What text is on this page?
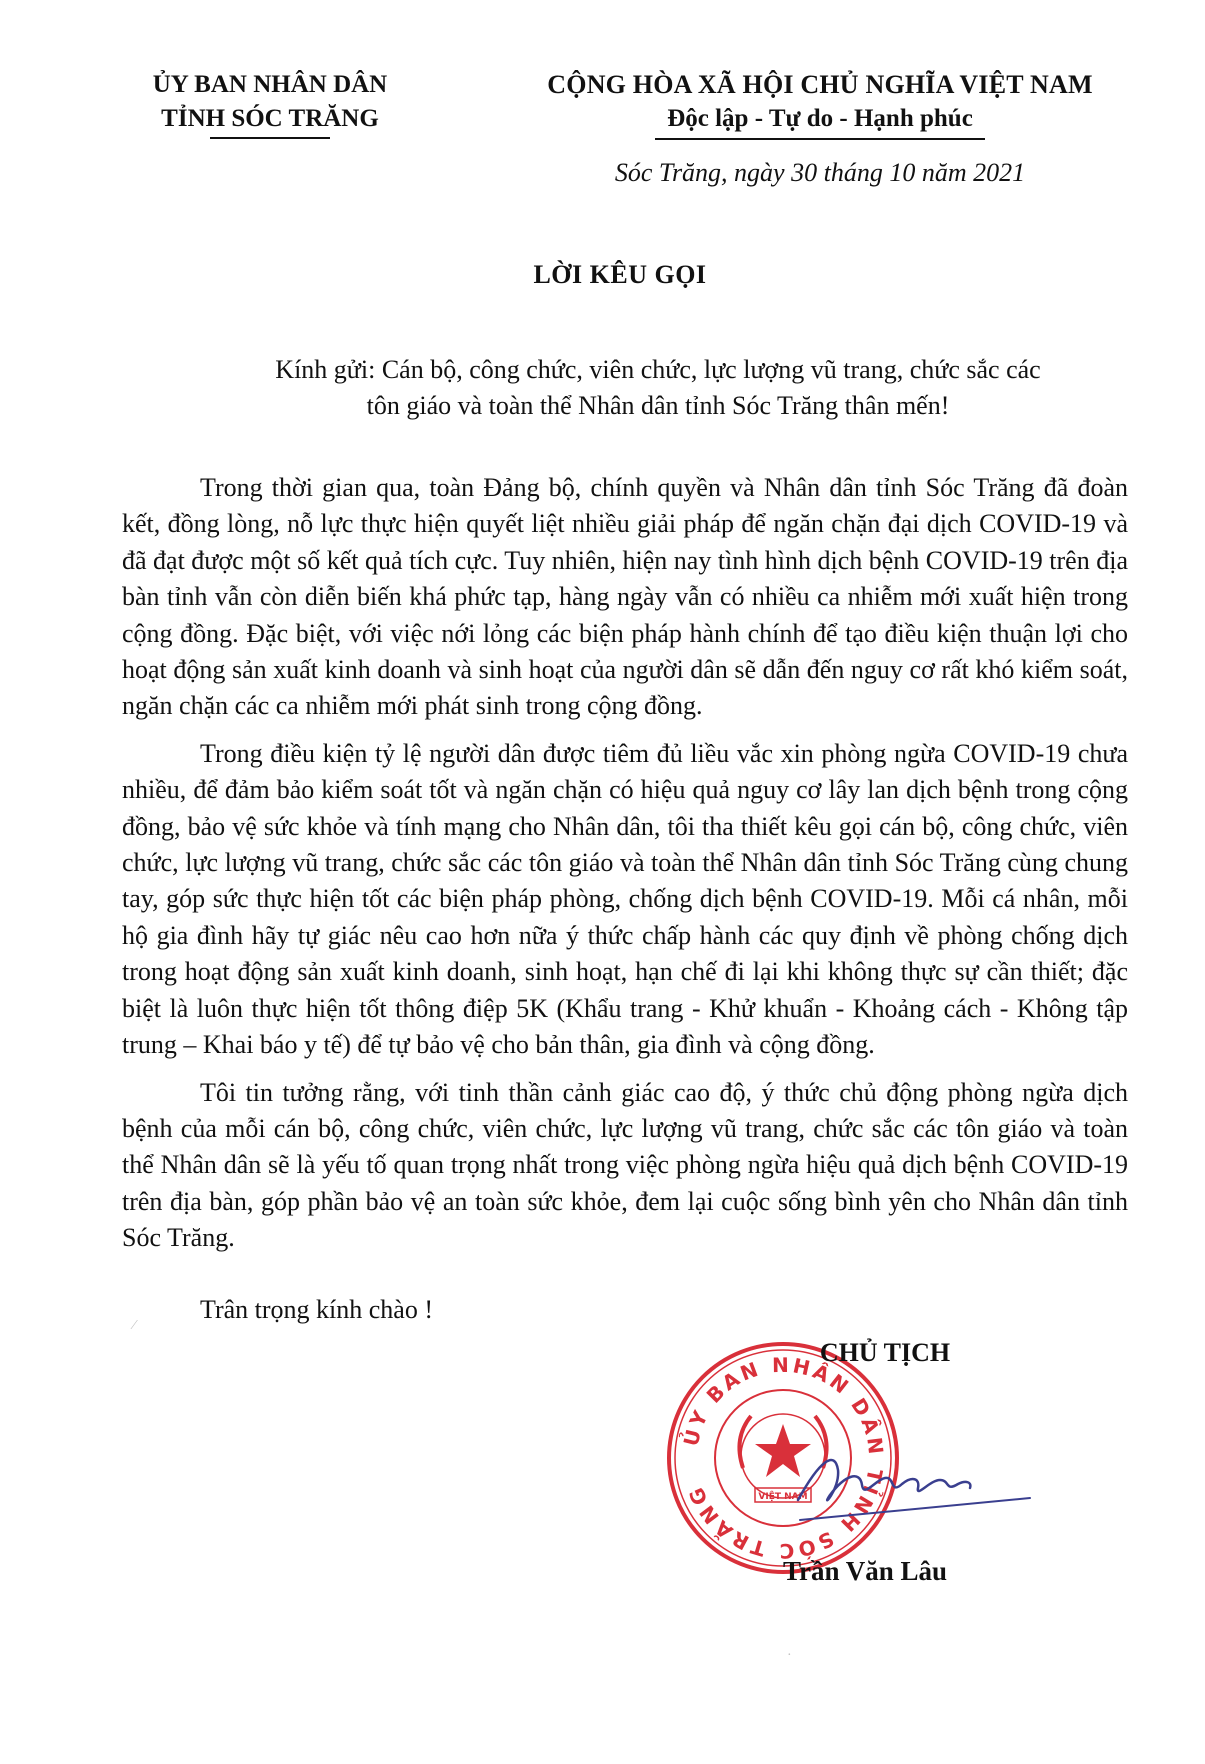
ỦY BAN NHÂN DÂN
TỈNH SÓC TRĂNG
CỘNG HÒA XÃ HỘI CHỦ NGHĨA VIỆT NAM
Độc lập - Tự do - Hạnh phúc
Sóc Trăng, ngày 30 tháng 10 năm 2021
LỜI KÊU GỌI
Kính gửi: Cán bộ, công chức, viên chức, lực lượng vũ trang, chức sắc các
tôn giáo và toàn thể Nhân dân tỉnh Sóc Trăng thân mến!

Trong thời gian qua, toàn Đảng bộ, chính quyền và Nhân dân tỉnh Sóc Trăng đã đoàn kết, đồng lòng, nỗ lực thực hiện quyết liệt nhiều giải pháp để ngăn chặn đại dịch COVID-19 và đã đạt được một số kết quả tích cực. Tuy nhiên, hiện nay tình hình dịch bệnh COVID-19 trên địa bàn tỉnh vẫn còn diễn biến khá phức tạp, hàng ngày vẫn có nhiều ca nhiễm mới xuất hiện trong cộng đồng. Đặc biệt, với việc nới lỏng các biện pháp hành chính để tạo điều kiện thuận lợi cho hoạt động sản xuất kinh doanh và sinh hoạt của người dân sẽ dẫn đến nguy cơ rất khó kiểm soát, ngăn chặn các ca nhiễm mới phát sinh trong cộng đồng.

Trong điều kiện tỷ lệ người dân được tiêm đủ liều vắc xin phòng ngừa COVID-19 chưa nhiều, để đảm bảo kiểm soát tốt và ngăn chặn có hiệu quả nguy cơ lây lan dịch bệnh trong cộng đồng, bảo vệ sức khỏe và tính mạng cho Nhân dân, tôi tha thiết kêu gọi cán bộ, công chức, viên chức, lực lượng vũ trang, chức sắc các tôn giáo và toàn thể Nhân dân tỉnh Sóc Trăng cùng chung tay, góp sức thực hiện tốt các biện pháp phòng, chống dịch bệnh COVID-19. Mỗi cá nhân, mỗi hộ gia đình hãy tự giác nêu cao hơn nữa ý thức chấp hành các quy định về phòng chống dịch trong hoạt động sản xuất kinh doanh, sinh hoạt, hạn chế đi lại khi không thực sự cần thiết; đặc biệt là luôn thực hiện tốt thông điệp 5K (Khẩu trang - Khử khuẩn - Khoảng cách - Không tập trung – Khai báo y tế) để tự bảo vệ cho bản thân, gia đình và cộng đồng.

Tôi tin tưởng rằng, với tinh thần cảnh giác cao độ, ý thức chủ động phòng ngừa dịch bệnh của mỗi cán bộ, công chức, viên chức, lực lượng vũ trang, chức sắc các tôn giáo và toàn thể Nhân dân sẽ là yếu tố quan trọng nhất trong việc phòng ngừa hiệu quả dịch bệnh COVID-19 trên địa bàn, góp phần bảo vệ an toàn sức khỏe, đem lại cuộc sống bình yên cho Nhân dân tỉnh Sóc Trăng.

Trân trọng kính chào !
ỦY BAN NHÂN DÂN TỈNH SÓC TRĂNG	VIỆT NAM
CHỦ TỊCH
Trần Văn Lâu
⁄
·
